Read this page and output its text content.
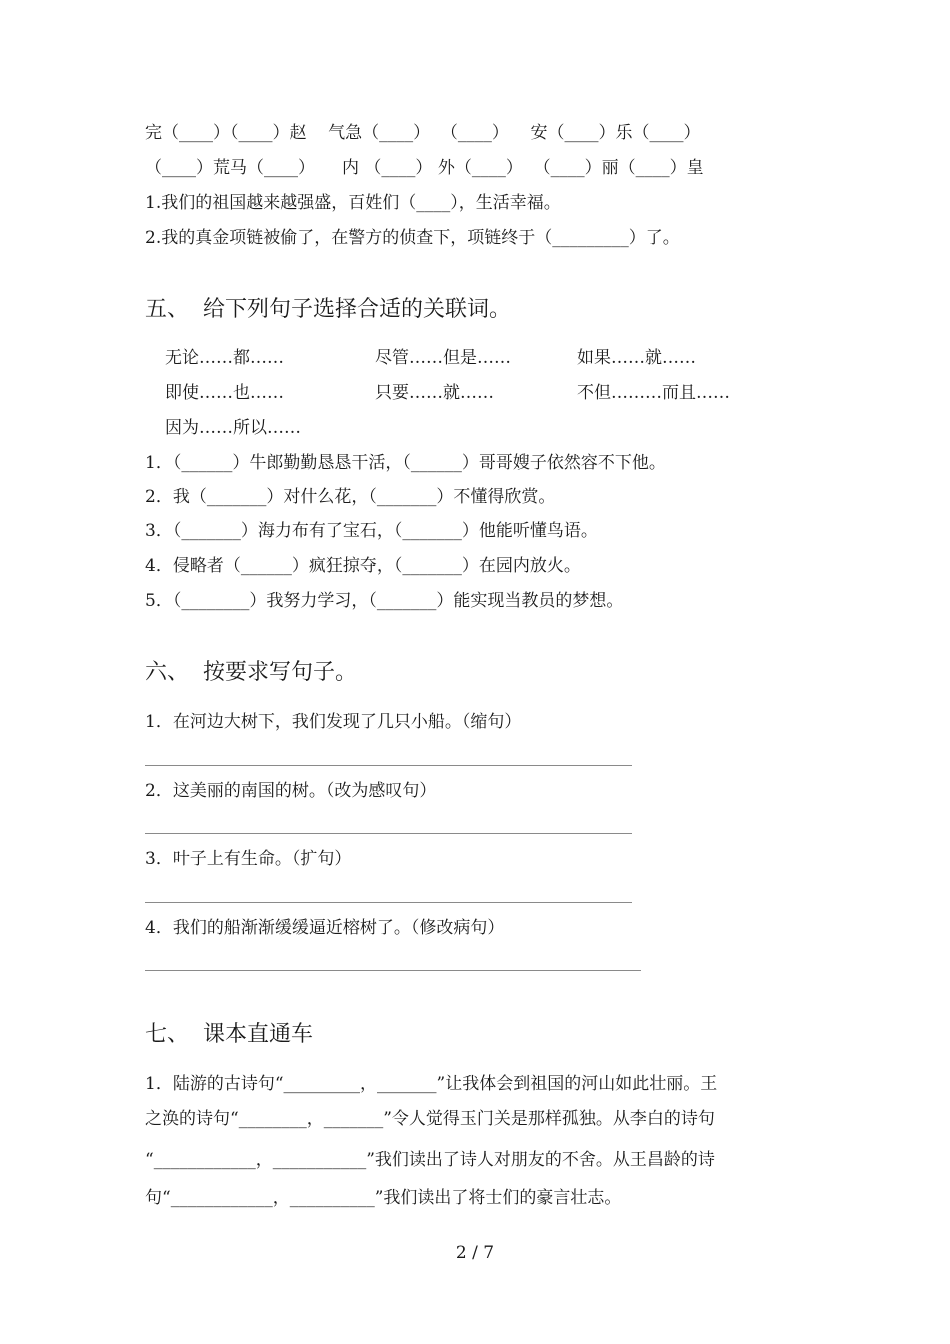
完（____）（____）赵    气急（____）  （____）    安（____）乐（____）
（____）荒马（____）     内 （____） 外（____）  （____）丽（____）皇
1.我们的祖国越来越强盛，百姓们（____），生活幸福。
2.我的真金项链被偷了，在警方的侦查下，项链终于（_________）了。
五、  给下列句子选择合适的关联词。
无论……都……	尽管……但是……	如果……就……
即使……也……	只要……就……	不但………而且……
因为……所以……
1．（______）牛郎勤勤恳恳干活，（______）哥哥嫂子依然容不下他。
2．我（_______）对什么花，（_______）不懂得欣赏。
3．（_______）海力布有了宝石，（_______）他能听懂鸟语。
4．侵略者（______）疯狂掠夺，（_______）在园内放火。
5．（________）我努力学习，（_______）能实现当教员的梦想。
六、  按要求写句子。
1．在河边大树下，我们发现了几只小船。（缩句）
2．这美丽的南国的树。（改为感叹句）
3．叶子上有生命。（扩句）
4．我们的船渐渐缓缓逼近榕树了。（修改病句）
七、  课本直通车
1．陆游的古诗句“_________，_______”让我体会到祖国的河山如此壮丽。王
之涣的诗句“________，_______”令人觉得玉门关是那样孤独。从李白的诗句
“____________，___________”我们读出了诗人对朋友的不舍。从王昌龄的诗
句“____________，__________”我们读出了将士们的豪言壮志。
2 / 7
